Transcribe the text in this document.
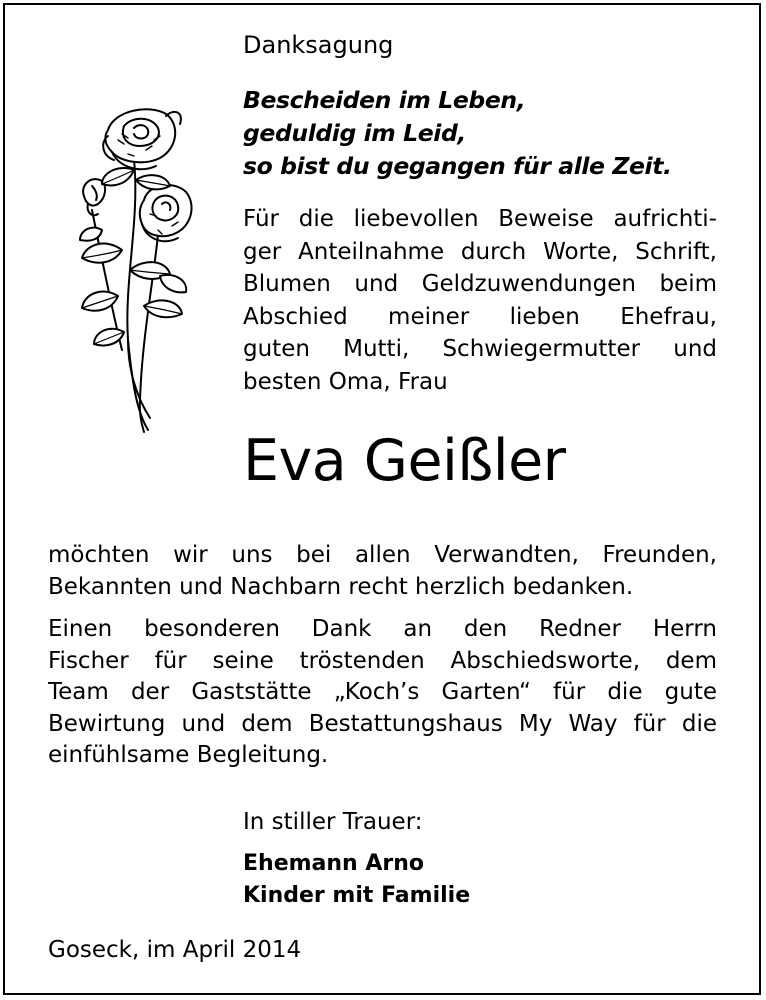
Danksagung
Bescheiden im Leben,
geduldig im Leid,
so bist du gegangen für alle Zeit.
Für die liebevollen Beweise aufrichti-
ger Anteilnahme durch Worte, Schrift,
Blumen und Geldzuwendungen beim
Abschied meiner lieben Ehefrau,
guten Mutti, Schwiegermutter und
besten Oma, Frau
Eva Geißler
möchten wir uns bei allen Verwandten, Freunden,
Bekannten und Nachbarn recht herzlich bedanken.
Einen besonderen Dank an den Redner Herrn
Fischer für seine tröstenden Abschiedsworte, dem
Team der Gaststätte „Koch’s Garten“ für die gute
Bewirtung und dem Bestattungshaus My Way für die
einfühlsame Begleitung.
In stiller Trauer:
Ehemann Arno
Kinder mit Familie
Goseck, im April 2014
